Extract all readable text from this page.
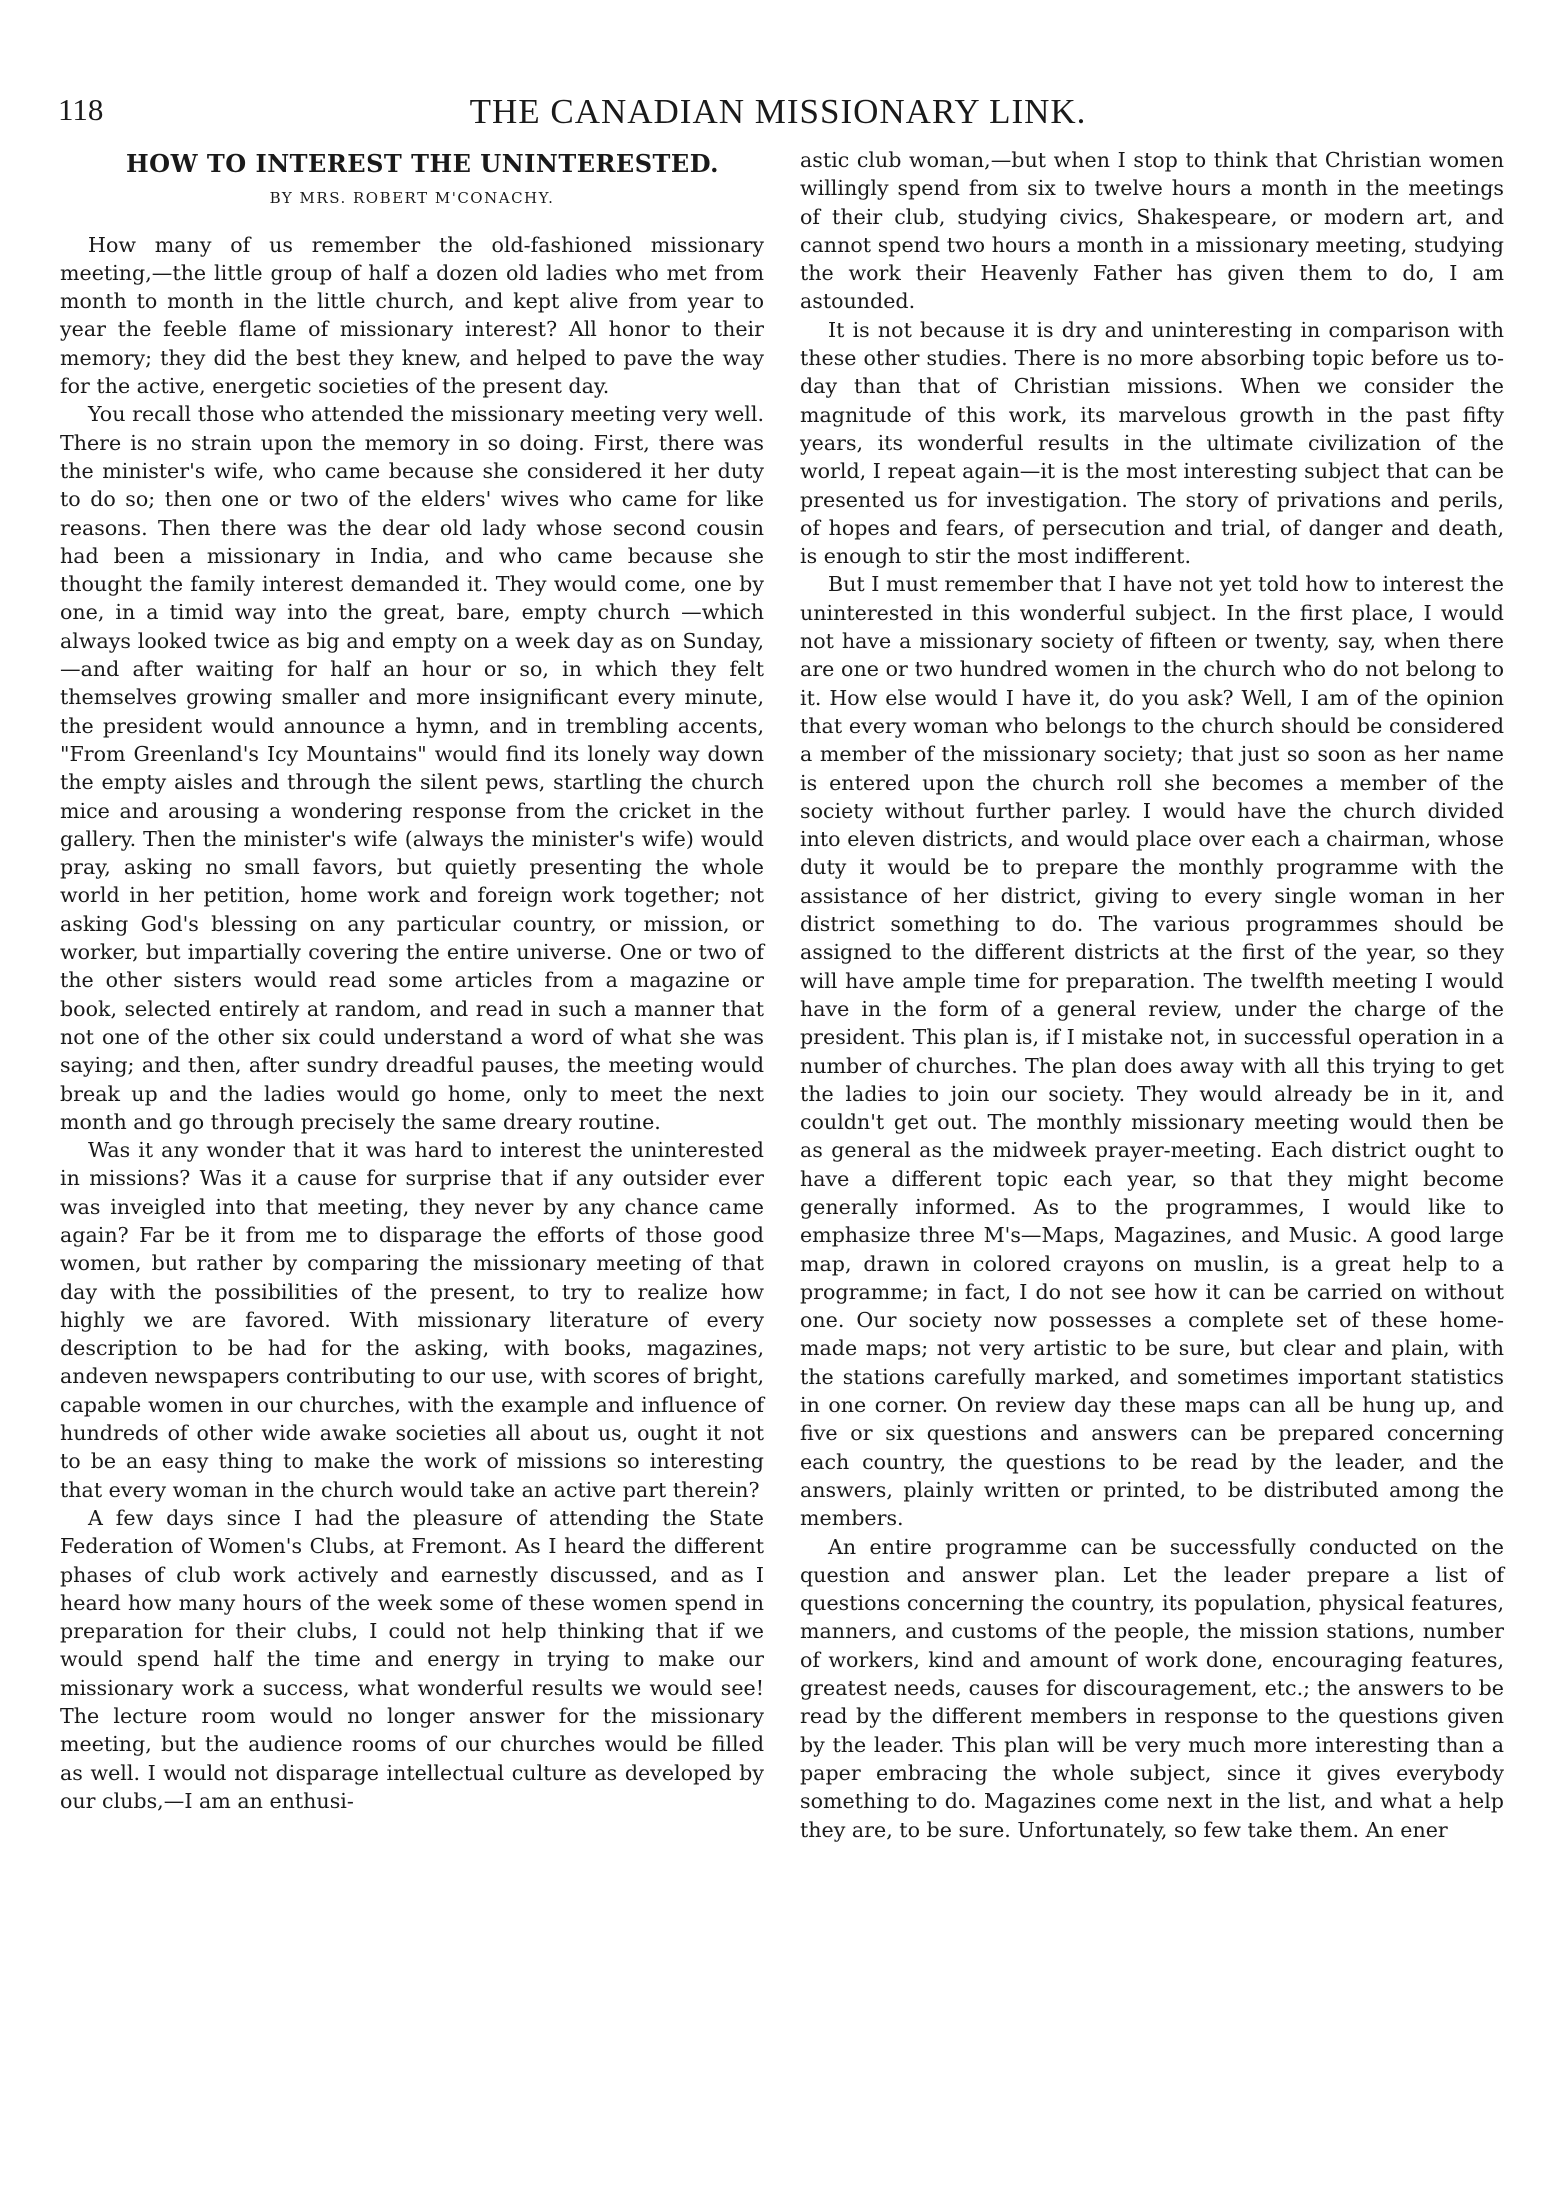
118	THE CANADIAN MISSIONARY LINK.
HOW TO INTEREST THE UNINTERESTED.
BY MRS. ROBERT M'CONACHY.

How many of us remember the old-fashioned missionary meeting,—the little group of half a dozen old ladies who met from month to month in the little church, and kept alive from year to year the feeble flame of missionary interest? All honor to their memory; they did the best they knew, and helped to pave the way for the active, energetic societies of the present day.

You recall those who attended the missionary meeting very well. There is no strain upon the memory in so doing. First, there was the minister's wife, who came because she considered it her duty to do so; then one or two of the elders' wives who came for like reasons. Then there was the dear old lady whose second cousin had been a missionary in India, and who came because she thought the family interest demanded it. They would come, one by one, in a timid way into the great, bare, empty church —which always looked twice as big and empty on a week day as on Sunday,—and after waiting for half an hour or so, in which they felt themselves growing smaller and more insignificant every minute, the president would announce a hymn, and in trembling accents, "From Greenland's Icy Mountains" would find its lonely way down the empty aisles and through the silent pews, startling the church mice and arousing a wondering response from the cricket in the gallery. Then the minister's wife (always the minister's wife) would pray, asking no small favors, but quietly presenting the whole world in her petition, home work and foreign work together; not asking God's blessing on any particular country, or mission, or worker, but impartially covering the entire universe. One or two of the other sisters would read some articles from a magazine or book, selected entirely at random, and read in such a manner that not one of the other six could understand a word of what she was saying; and then, after sundry dreadful pauses, the meeting would break up and the ladies would go home, only to meet the next month and go through precisely the same dreary routine.

Was it any wonder that it was hard to interest the uninterested in missions? Was it a cause for surprise that if any outsider ever was inveigled into that meeting, they never by any chance came again? Far be it from me to disparage the efforts of those good women, but rather by comparing the missionary meeting of that day with the possibilities of the present, to try to realize how highly we are favored. With missionary literature of every description to be had for the asking, with books, magazines, andeven newspapers contributing to our use, with scores of bright, capable women in our churches, with the example and influence of hundreds of other wide awake societies all about us, ought it not to be an easy thing to make the work of missions so interesting that every woman in the church would take an active part therein?

A few days since I had the pleasure of attending the State Federation of Women's Clubs, at Fremont. As I heard the different phases of club work actively and earnestly discussed, and as I heard how many hours of the week some of these women spend in preparation for their clubs, I could not help thinking that if we would spend half the time and energy in trying to make our missionary work a success, what wonderful results we would see! The lecture room would no longer answer for the missionary meeting, but the audience rooms of our churches would be filled as well. I would not disparage intellectual culture as developed by our clubs,—I am an enthusi-

astic club woman,—but when I stop to think that Christian women willingly spend from six to twelve hours a month in the meetings of their club, studying civics, Shakespeare, or modern art, and cannot spend two hours a month in a missionary meeting, studying the work their Heavenly Father has given them to do, I am astounded.

It is not because it is dry and uninteresting in comparison with these other studies. There is no more absorbing topic before us to-day than that of Christian missions. When we consider the magnitude of this work, its marvelous growth in the past fifty years, its wonderful results in the ultimate civilization of the world, I repeat again—it is the most interesting subject that can be presented us for investigation. The story of privations and perils, of hopes and fears, of persecution and trial, of danger and death, is enough to stir the most indifferent.

But I must remember that I have not yet told how to interest the uninterested in this wonderful subject. In the first place, I would not have a missionary society of fifteen or twenty, say, when there are one or two hundred women in the church who do not belong to it. How else would I have it, do you ask? Well, I am of the opinion that every woman who belongs to the church should be considered a member of the missionary society; that just so soon as her name is entered upon the church roll she becomes a member of the society without further parley. I would have the church divided into eleven districts, and would place over each a chairman, whose duty it would be to prepare the monthly programme with the assistance of her district, giving to every single woman in her district something to do. The various programmes should be assigned to the different districts at the first of the year, so they will have ample time for preparation. The twelfth meeting I would have in the form of a general review, under the charge of the president. This plan is, if I mistake not, in successful operation in a number of churches. The plan does away with all this trying to get the ladies to join our society. They would already be in it, and couldn't get out. The monthly missionary meeting would then be as general as the midweek prayer-meeting. Each district ought to have a different topic each year, so that they might become generally informed. As to the programmes, I would like to emphasize three M's—Maps, Magazines, and Music. A good large map, drawn in colored crayons on muslin, is a great help to a programme; in fact, I do not see how it can be carried on without one. Our society now possesses a complete set of these home-made maps; not very artistic to be sure, but clear and plain, with the stations carefully marked, and sometimes important statistics in one corner. On review day these maps can all be hung up, and five or six questions and answers can be prepared concerning each country, the questions to be read by the leader, and the answers, plainly written or printed, to be distributed among the members.

An entire programme can be successfully conducted on the question and answer plan. Let the leader prepare a list of questions concerning the country, its population, physical features, manners, and customs of the people, the mission stations, number of workers, kind and amount of work done, encouraging features, greatest needs, causes for discouragement, etc.; the answers to be read by the different members in response to the questions given by the leader. This plan will be very much more interesting than a paper embracing the whole subject, since it gives everybody something to do. Magazines come next in the list, and what a help they are, to be sure. Unfortunately, so few take them. An ener
